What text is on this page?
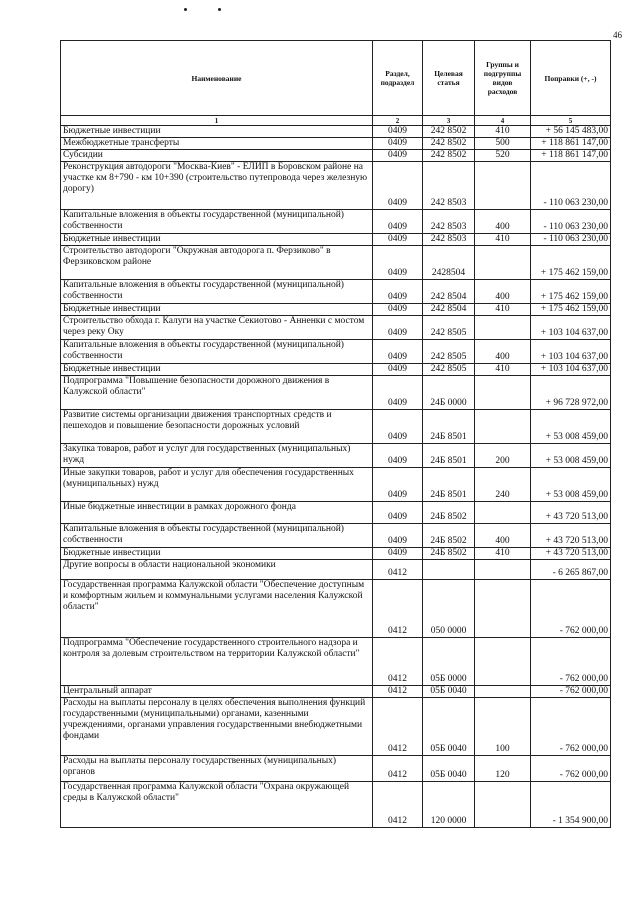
46
Наименование	Раздел, подраздел	Целевая статья	Группы и подгруппы видов расходов	Поправки (+, -)
1	2	3	4	5
Бюджетные инвестиции	0409	242 8502	410	+ 56 145 483,00
Межбюджетные трансферты	0409	242 8502	500	+ 118 861 147,00
Субсидии	0409	242 8502	520	+ 118 861 147,00
Реконструкция автодороги "Москва-Киев" - ЕЛИП в Боровском районе на участке км 8+790 - км 10+390 (строительство путепровода через железную дорогу)	0409	242 8503		- 110 063 230,00
Капитальные вложения в объекты государственной (муниципальной) собственности	0409	242 8503	400	- 110 063 230,00
Бюджетные инвестиции	0409	242 8503	410	- 110 063 230,00
Строительство автодороги "Окружная автодорога п. Ферзиково" в Ферзиковском районе	0409	2428504		+ 175 462 159,00
Капитальные вложения в объекты государственной (муниципальной) собственности	0409	242 8504	400	+ 175 462 159,00
Бюджетные инвестиции	0409	242 8504	410	+ 175 462 159,00
Строительство обхода г. Калуги на участке Секиотово - Анненки с мостом через реку Оку	0409	242 8505		+ 103 104 637,00
Капитальные вложения в объекты государственной (муниципальной) собственности	0409	242 8505	400	+ 103 104 637,00
Бюджетные инвестиции	0409	242 8505	410	+ 103 104 637,00
Подпрограмма "Повышение безопасности дорожного движения в Калужской области"	0409	24Б 0000		+ 96 728 972,00
Развитие системы организации движения транспортных средств и пешеходов и повышение безопасности дорожных условий	0409	24Б 8501		+ 53 008 459,00
Закупка товаров, работ и услуг для государственных (муниципальных) нужд	0409	24Б 8501	200	+ 53 008 459,00
Иные закупки товаров, работ и услуг для обеспечения государственных (муниципальных) нужд	0409	24Б 8501	240	+ 53 008 459,00
Иные бюджетные инвестиции в рамках дорожного фонда	0409	24Б 8502		+ 43 720 513,00
Капитальные вложения в объекты государственной (муниципальной) собственности	0409	24Б 8502	400	+ 43 720 513,00
Бюджетные инвестиции	0409	24Б 8502	410	+ 43 720 513,00
Другие вопросы в области национальной экономики	0412			- 6 265 867,00
Государственная программа Калужской области "Обеспечение доступным и комфортным жильем и коммунальными услугами населения Калужской области"	0412	050 0000		- 762 000,00
Подпрограмма "Обеспечение государственного строительного надзора и контроля за долевым строительством на территории Калужской области"	0412	05Б 0000		- 762 000,00
Центральный аппарат	0412	05Б 0040		- 762 000,00
Расходы на выплаты персоналу в целях обеспечения выполнения функций государственными (муниципальными) органами, казенными учреждениями, органами управления государственными внебюджетными фондами	0412	05Б 0040	100	- 762 000,00
Расходы на выплаты персоналу государственных (муниципальных) органов	0412	05Б 0040	120	- 762 000,00
Государственная программа Калужской области "Охрана окружающей среды в Калужской области"	0412	120 0000		- 1 354 900,00
